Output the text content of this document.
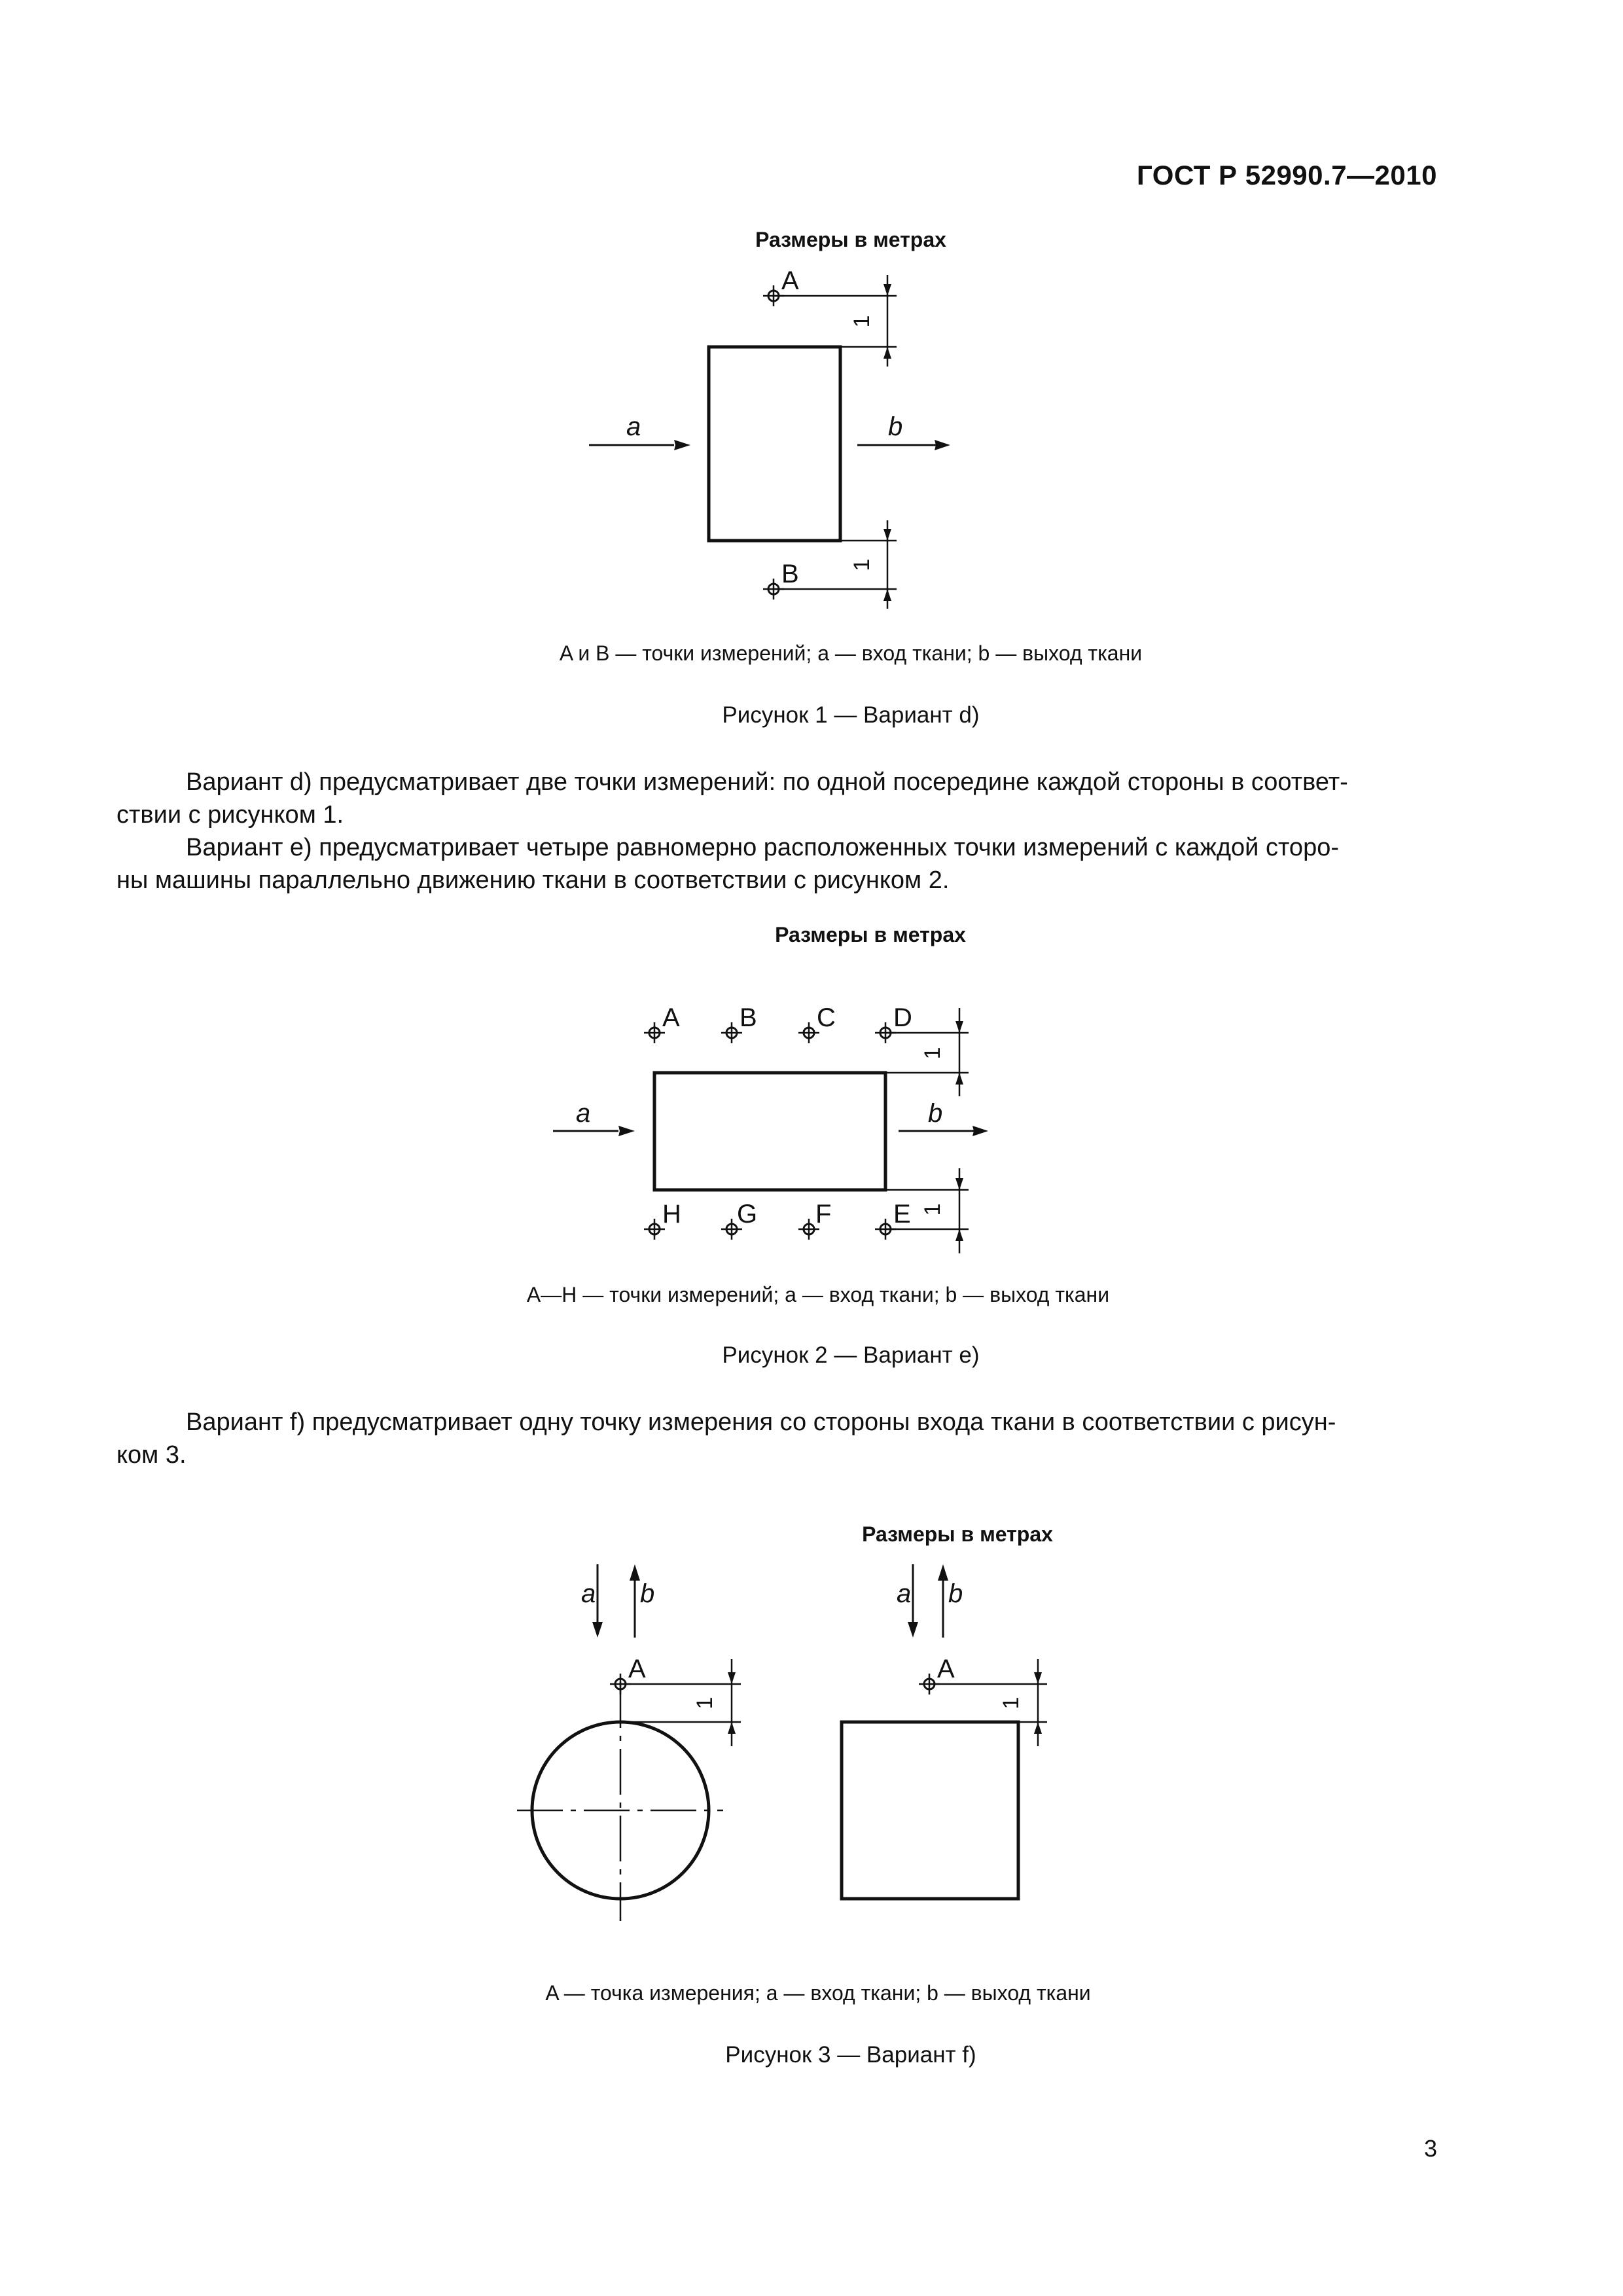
ГОСТ Р 52990.7—2010
Размеры в метрах
A
B
a	b
1
1
A и B — точки измерений; a — вход ткани; b — выход ткани
Рисунок 1 — Вариант d)
Вариант d) предусматривает две точки измерений: по одной посередине каждой стороны в соответ-
ствии с рисунком 1.
Вариант e) предусматривает четыре равномерно расположенных точки измерений с каждой сторо-
ны машины параллельно движению ткани в соответствии с рисунком 2.
Размеры в метрах
A B C D
H G F E
a	b
1
1
A—H — точки измерений; a — вход ткани; b — выход ткани
Рисунок 2 — Вариант e)
Вариант f) предусматривает одну точку измерения со стороны входа ткани в соответствии с рисун-
ком 3.
Размеры в метрах
a b
A
1
a b
A
1
A — точка измерения; a — вход ткани; b — выход ткани
Рисунок 3 — Вариант f)
3
